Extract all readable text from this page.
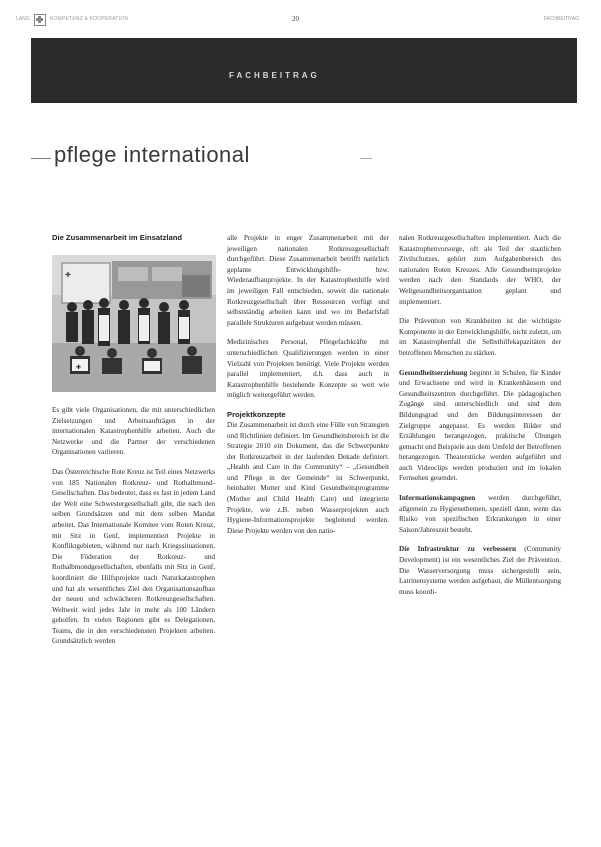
LANG	KOMPETENZ & KOOPERATION	20	FACHBEITRAG
FACHBEITRAG
pflege international
Die Zusammenarbeit im Einsatzland
✚
✚

Es gibt viele Organisationen, die mit unterschiedlichen Zielsetzungen und Arbeitsaufträgen in der internationalen Katastrophenhilfe arbeiten. Auch die Netzwerke und die Partner der verschiedenen Organisationen variieren.

Das Österreichische Rote Kreuz ist Teil eines Netzwerks von 185 Nationalen Rotkreuz- und Rothalbmond-Gesellschaften. Das bedeutet, dass es fast in jedem Land der Welt eine Schwestergesellschaft gibt, die nach den selben Grundsätzen und mit dem selben Mandat arbeitet. Das Internationale Komitee vom Roten Kreuz, mit Sitz in Genf, implementiert Projekte in Konfliktgebieten, während nur nach Kriegssituationen. Die Föderation der Rotkreuz- und Rothalbmondgesellschaften, ebenfalls mit Sitz in Genf, koordiniert die Hilfsprojekte nach Naturkatastrophen und hat als wesentliches Ziel den Organisationsaufbau der neuen und schwächeren Rotkreuzgesellschaften. Weltweit wird jedes Jahr in mehr als 100 Ländern geholfen. In vielen Regionen gibt es Delegationen, Teams, die in den verschiedensten Projekten arbeiten. Grundsätzlich werden

alle Projekte in enger Zusammenarbeit mit der jeweiligen nationalen Rotkreuzgesellschaft durchgeführt. Diese Zusammenarbeit betrifft natürlich geplante Entwicklungshilfe- bzw. Wiederaufbauprojekte. In der Katastrophenhilfe wird im jeweiligen Fall entschieden, soweit die nationale Rotkreuzgesellschaft über Ressourcen verfügt und selbstständig arbeiten kann und wo im Bedarfsfall parallele Strukturen aufgebaut werden müssen.

Medizinisches Personal, Pflegefachkräfte mit unterschiedlichen Qualifizierungen werden in einer Vielzahl von Projekten benötigt. Viele Projekte werden parallel implementiert, d.h. dass auch in Katastrophenhilfe bestehende Konzepte so weit wie möglich weitergeführt werden.

Projektkonzepte

Die Zusammenarbeit ist durch eine Fülle von Strategien und Richtlinien definiert. Im Gesundheitsbereich ist die Strategie 2010 ein Dokument, das die Schwerpunkte der Rotkreuzarbeit in der laufenden Dekade definiert. „Health and Care in the Community“ – „Gesundheit und Pflege in der Gemeinde“ ist Schwerpunkt, beinhaltet Mutter und Kind Gesundheitsprogramme (Mother and Child Health Care) und integrierte Projekte, wie z.B. neben Wasserprojekten auch Hygiene-Informationsprojekte begleitend werden. Diese Projekte werden von den natio-

nalen Rotkreuzgesellschaften implementiert. Auch die Katastrophenvorsorge, oft als Teil der staatlichen Zivilschutzes, gehört zum Aufgabenbereich des nationalen Roten Kreuzes. Alle Gesundheitsprojekte werden nach den Standards der WHO, der Weltgesundheitsorganisation geplant und implementiert.

Die Prävention von Krankheiten ist die wichtigste Komponente in der Entwicklungshilfe, nicht zuletzt, um im Katastrophenfall die Selbsthilfekapazitäten der betroffenen Menschen zu stärken.

Gesundheitserziehung beginnt in Schulen, für Kinder und Erwachsene und wird in Krankenhäusern und Gesundheitszentren durchgeführt. Die pädagogischen Zugänge sind unterschiedlich und sind dem Bildungsgrad und den Bildungsinteressen der Zielgruppe angepasst. Es werden Bilder und Erzählungen herangezogen, praktische Übungen gemacht und Beispiele aus dem Umfeld der Betroffenen herangezogen. Theaterstücke werden aufgeführt und auch Videoclips werden produziert und im lokalen Fernsehen gesendet.

Informationskampagnen werden durchgeführt, allgemein zu Hygienethemen, speziell dann, wenn das Risiko von spezifischen Erkrankungen in einer Saison/Jahreszeit besteht.

Die Infrastruktur zu verbessern (Community Development) ist ein wesentliches Ziel der Prävention. Die Wasserversorgung muss sichergestellt sein, Latrinensysteme werden aufgebaut, die Müllentsorgung muss koordi-
